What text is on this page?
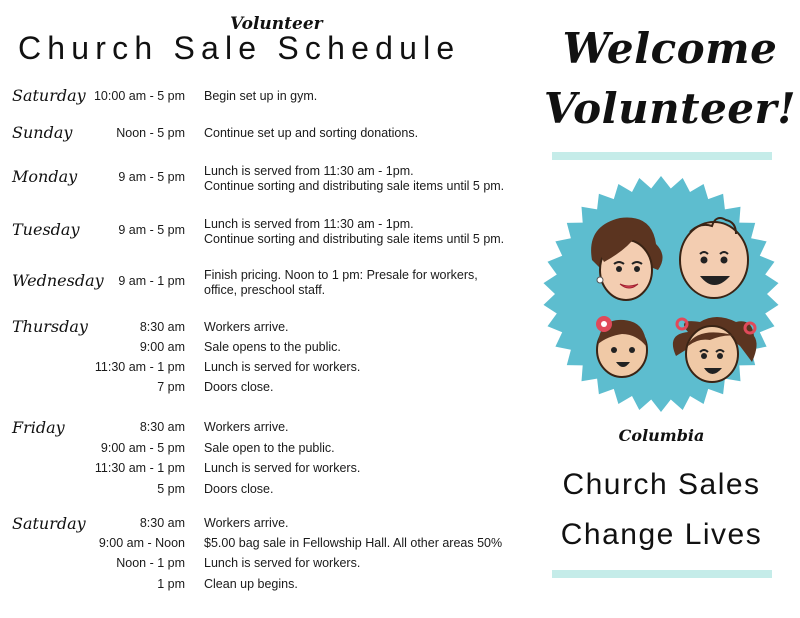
Volunteer
Church Sale Schedule
Saturday 10:00 am - 5 pm Begin set up in gym.
Sunday	Noon - 5 pm Continue set up and sorting donations.
Monday	9 am - 5 pm Lunch is served from 11:30 am - 1pm.
Continue sorting and distributing sale items until 5 pm.
Tuesday	9 am - 5 pm Lunch is served from 11:30 am - 1pm.
Continue sorting and distributing sale items until 5 pm.
Wednesday 9 am - 1 pm Finish pricing. Noon to 1 pm: Presale for workers,
office, preschool staff.
Thursday	8:30 am Workers arrive.
9:00 am Sale opens to the public.
11:30 am - 1 pm Lunch is served for workers.
7 pm Doors close.
Friday	8:30 am Workers arrive.
9:00 am - 5 pm Sale open to the public.
11:30 am - 1 pm Lunch is served for workers.
5 pm Doors close.
Saturday	8:30 am Workers arrive.
9:00 am - Noon $5.00 bag sale in Fellowship Hall. All other areas 50%
Noon - 1 pm Lunch is served for workers.
1 pm Clean up begins.
Welcome
Volunteer!
Columbia
Church Sales
Change Lives
